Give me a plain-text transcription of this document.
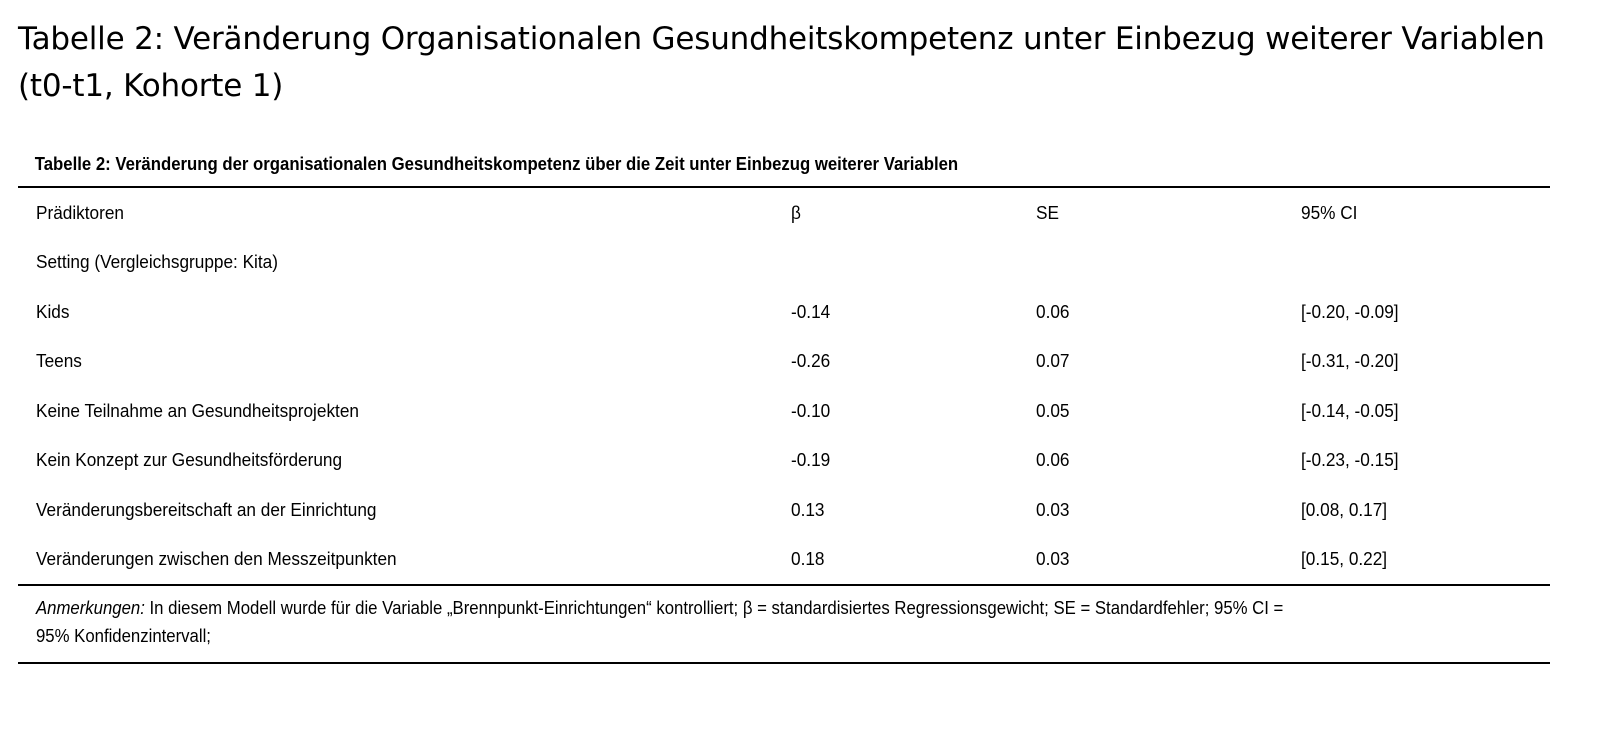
Tabelle 2: Veränderung Organisationalen Gesundheitskompetenz unter Einbezug weiterer Variablen
(t0-t1, Kohorte 1)
Tabelle 2: Veränderung der organisationalen Gesundheitskompetenz über die Zeit unter Einbezug weiterer Variablen
Prädiktoren	β	SE	95% CI
Setting (Vergleichsgruppe: Kita)			
Kids	-0.14	0.06	[-0.20, -0.09]
Teens	-0.26	0.07	[-0.31, -0.20]
Keine Teilnahme an Gesundheitsprojekten	-0.10	0.05	[-0.14, -0.05]
Kein Konzept zur Gesundheitsförderung	-0.19	0.06	[-0.23, -0.15]
Veränderungsbereitschaft an der Einrichtung	0.13	0.03	[0.08, 0.17]
Veränderungen zwischen den Messzeitpunkten	0.18	0.03	[0.15, 0.22]
Anmerkungen: In diesem Modell wurde für die Variable „Brennpunkt-Einrichtungen“ kontrolliert; β = standardisiertes Regressionsgewicht; SE = Standardfehler; 95% CI =
95% Konfidenzintervall;
